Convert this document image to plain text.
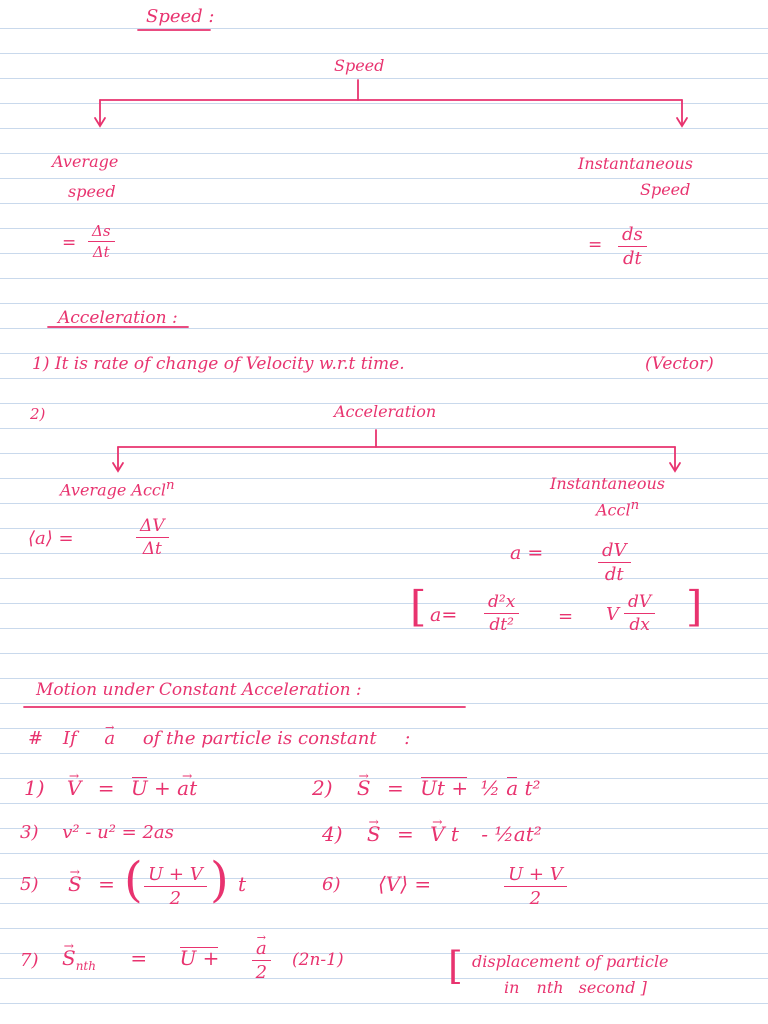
Speed :
Speed
Average
speed
= $\frac{\Delta s}{\Delta t}$
Instantaneous
Speed
= $\frac{ds}{dt}$
Acceleration :
1) It is rate of change of Velocity w.r.t time.	(Vector)
2)	Acceleration
Average Accl$^n$
⟨a⟩ =	$\frac{\Delta V}{\Delta t}$
Instantaneous
Accl$^n$
a =	$\frac{dV}{dt}$
[ $a= \frac{\text{d²x}}{\text{dt²}} = V \frac{dV}{dx}$ ]
Motion under Constant Acceleration :
# If → a of the particle is constant :
1) → V = U + → at	2) → S = Ut + ½ a t²
3) v² - u² = 2as	4) → S = → V t - ½at²
5)
→ S = ( $\frac{U + V}{2}$ ) t	6) ⟨V⟩ =	$\frac{U + V}{2}$
7)
→ $S_{nth} = U$ +
→ $\frac{a}{2} (2n-1)$	[ displacement of particle
in nth second ]
